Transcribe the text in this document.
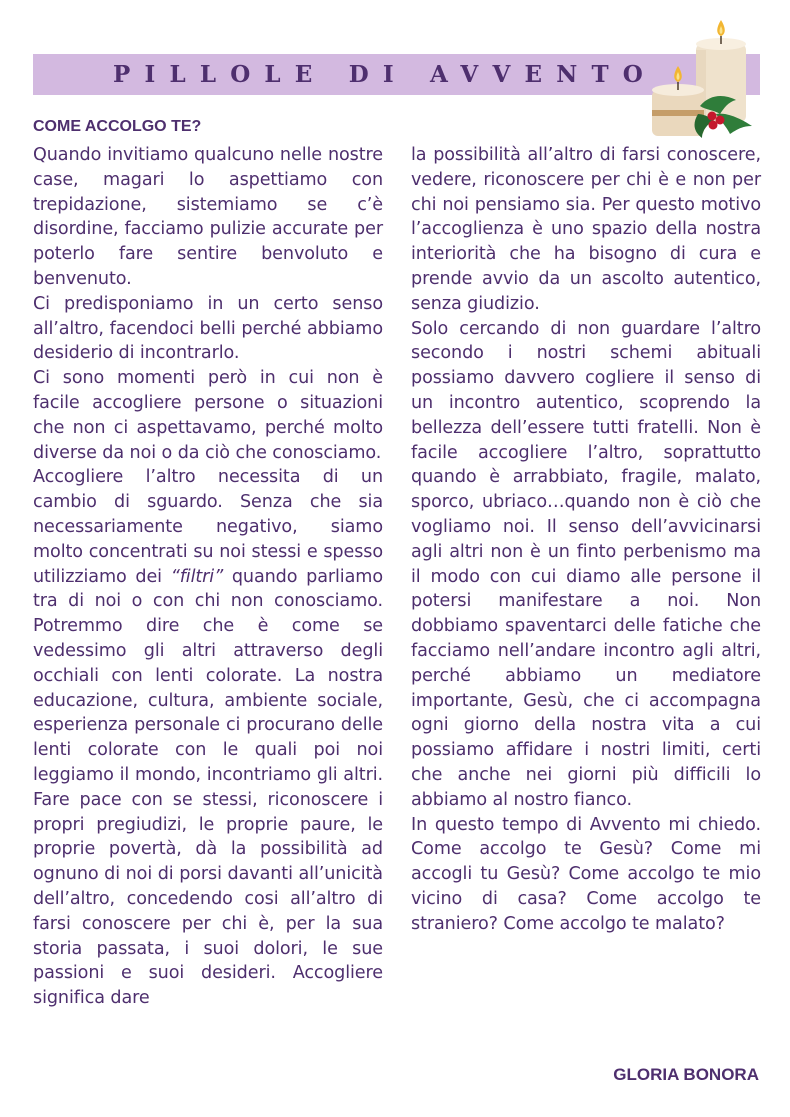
PILLOLE DI AVVENTO
COME ACCOLGO TE?

Quando invitiamo qualcuno nelle nostre case, magari lo aspettiamo con trepidazione, sistemiamo se c’è disordine, facciamo pulizie accurate per poterlo fare sentire benvoluto e benvenuto.

Ci predisponiamo in un certo senso all’altro, facendoci belli perché abbiamo desiderio di incontrarlo.

Ci sono momenti però in cui non è facile accogliere persone o situazioni che non ci aspettavamo, perché molto diverse da noi o da ciò che conosciamo.

Accogliere l’altro necessita di un cambio di sguardo. Senza che sia necessariamente negativo, siamo molto concentrati su noi stessi e spesso utilizziamo dei “filtri” quando parliamo tra di noi o con chi non conosciamo. Potremmo dire che è come se vedessimo gli altri attraverso degli occhiali con lenti colorate. La nostra educazione, cultura, ambiente sociale, esperienza personale ci procurano delle lenti colorate con le quali poi noi leggiamo il mondo, incontriamo gli altri. Fare pace con se stessi, riconoscere i propri pregiudizi, le proprie paure, le proprie povertà, dà la possibilità ad ognuno di noi di porsi davanti all’unicità dell’altro, concedendo cosi all’altro di farsi conoscere per chi è, per la sua storia passata, i suoi dolori, le sue passioni e suoi desideri. Accogliere significa dare

la possibilità all’altro di farsi conoscere, vedere, riconoscere per chi è e non per chi noi pensiamo sia. Per questo motivo l’accoglienza è uno spazio della nostra interiorità che ha bisogno di cura e prende avvio da un ascolto autentico, senza giudizio.

Solo cercando di non guardare l’altro secondo i nostri schemi abituali possiamo davvero cogliere il senso di un incontro autentico, scoprendo la bellezza dell’essere tutti fratelli. Non è facile accogliere l’altro, soprattutto quando è arrabbiato, fragile, malato, sporco, ubriaco…quando non è ciò che vogliamo noi. Il senso dell’avvicinarsi agli altri non è un finto perbenismo ma il modo con cui diamo alle persone il potersi manifestare a noi. Non dobbiamo spaventarci delle fatiche che facciamo nell’andare incontro agli altri, perché abbiamo un mediatore importante, Gesù, che ci accompagna ogni giorno della nostra vita a cui possiamo affidare i nostri limiti, certi che anche nei giorni più difficili lo abbiamo al nostro fianco.

In questo tempo di Avvento mi chiedo. Come accolgo te Gesù? Come mi accogli tu Gesù? Come accolgo te mio vicino di casa? Come accolgo te straniero? Come accolgo te malato?

GLORIA BONORA
